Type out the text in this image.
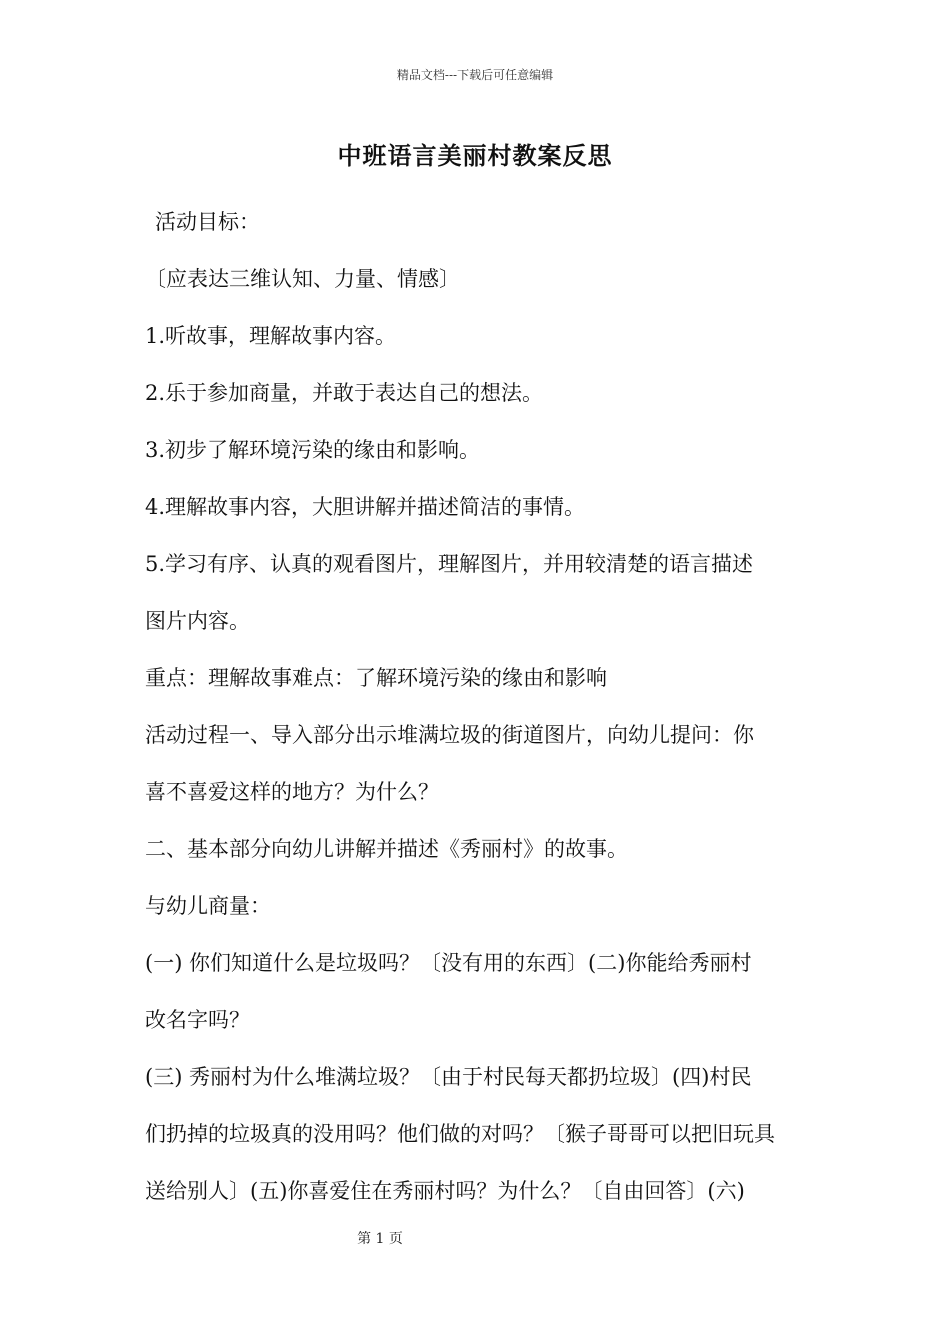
精品文档---下载后可任意编辑
中班语言美丽村教案反思
活动目标：
〔应表达三维认知、力量、情感〕
1.听故事，理解故事内容。
2.乐于参加商量，并敢于表达自己的想法。
3.初步了解环境污染的缘由和影响。
4.理解故事内容，大胆讲解并描述简洁的事情。
5.学习有序、认真的观看图片，理解图片，并用较清楚的语言描述
图片内容。
重点：理解故事难点：了解环境污染的缘由和影响
活动过程一、导入部分出示堆满垃圾的街道图片，向幼儿提问：你
喜不喜爱这样的地方？为什么？
二、基本部分向幼儿讲解并描述《秀丽村》的故事。
与幼儿商量：
(一) 你们知道什么是垃圾吗？〔没有用的东西〕(二)你能给秀丽村
改名字吗？
(三) 秀丽村为什么堆满垃圾？〔由于村民每天都扔垃圾〕(四)村民
们扔掉的垃圾真的没用吗？他们做的对吗？〔猴子哥哥可以把旧玩具
送给别人〕(五)你喜爱住在秀丽村吗？为什么？〔自由回答〕(六)
第 1 页
